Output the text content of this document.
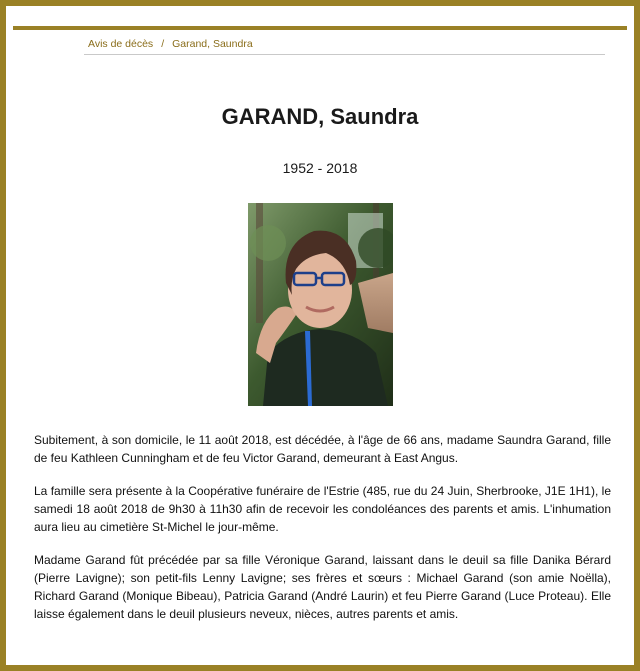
Avis de décès / Garand, Saundra
GARAND, Saundra
1952 - 2018

Subitement, à son domicile, le 11 août 2018, est décédée, à l'âge de 66 ans, madame Saundra Garand, fille de feu Kathleen Cunningham et de feu Victor Garand, demeurant à East Angus.

La famille sera présente à la Coopérative funéraire de l'Estrie (485, rue du 24 Juin, Sherbrooke, J1E 1H1), le samedi 18 août 2018 de 9h30 à 11h30 afin de recevoir les condoléances des parents et amis. L'inhumation aura lieu au cimetière St-Michel le jour-même.

Madame Garand fût précédée par sa fille Véronique Garand, laissant dans le deuil sa fille Danika Bérard (Pierre Lavigne); son petit-fils Lenny Lavigne; ses frères et sœurs : Michael Garand (son amie Noëlla), Richard Garand (Monique Bibeau), Patricia Garand (André Laurin) et feu Pierre Garand (Luce Proteau). Elle laisse également dans le deuil plusieurs neveux, nièces, autres parents et amis.
